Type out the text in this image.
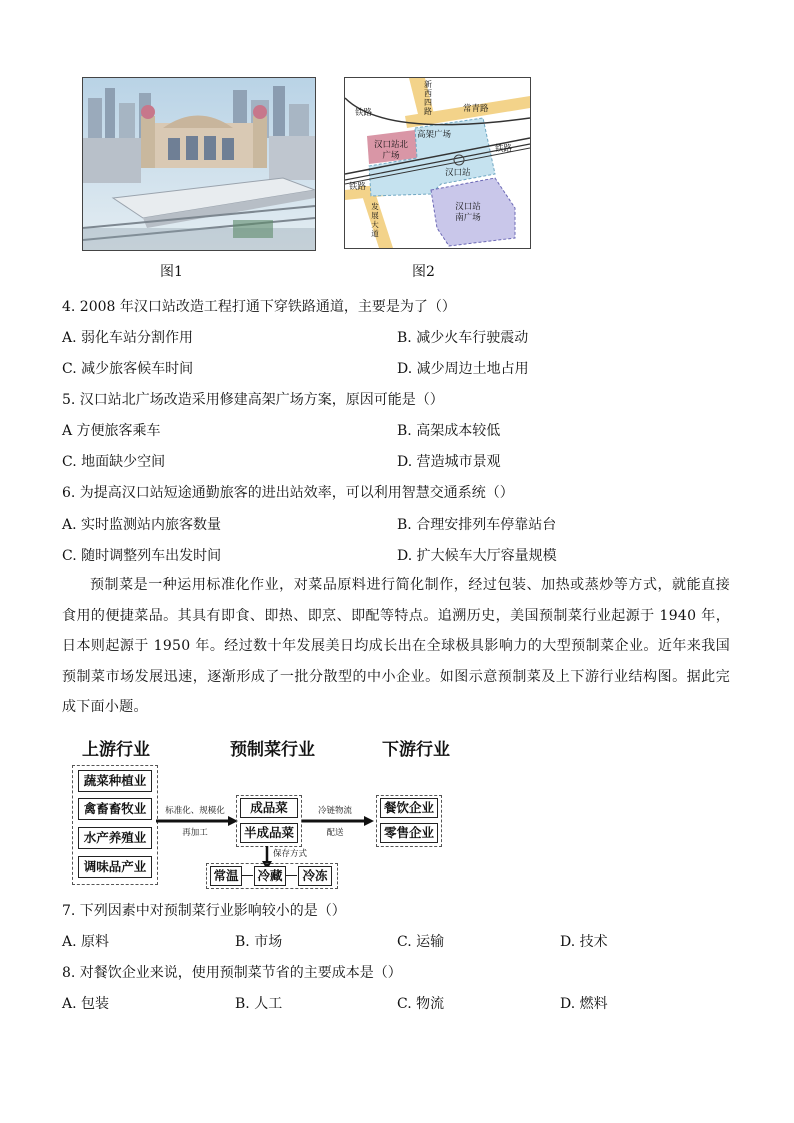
图1
新西四路	常青路
铁路
铁路
铁路
高架广场
汉口站北广场
汉口站
汉口站南广场
发展大道
图2
4. 2008 年汉口站改造工程打通下穿铁路通道，主要是为了（）
A. 弱化车站分割作用	B. 减少火车行驶震动
C. 减少旅客候车时间	D. 减少周边土地占用
5. 汉口站北广场改造采用修建高架广场方案，原因可能是（）
A 方便旅客乘车	B. 高架成本较低
C. 地面缺少空间	D. 营造城市景观
6. 为提高汉口站短途通勤旅客的进出站效率，可以利用智慧交通系统（）
A. 实时监测站内旅客数量	B. 合理安排列车停靠站台
C. 随时调整列车出发时间	D. 扩大候车大厅容量规模
预制菜是一种运用标准化作业，对菜品原料进行简化制作，经过包装、加热或蒸炒等方式，就能直接食用的便捷菜品。其具有即食、即热、即烹、即配等特点。追溯历史，美国预制菜行业起源于 1940 年，日本则起源于 1950 年。经过数十年发展美日均成长出在全球极具影响力的大型预制菜企业。近年来我国预制菜市场发展迅速，逐渐形成了一批分散型的中小企业。如图示意预制菜及上下游行业结构图。据此完成下面小题。
上游行业	预制菜行业	下游行业
蔬菜种植业
禽畜畜牧业
水产养殖业
调味品产业
标准化、规模化
再加工
成品菜
半成品菜
冷链物流
配送
餐饮企业
零售企业
保存方式
常温 冷藏	冷冻
7. 下列因素中对预制菜行业影响较小的是（）
A. 原料	B. 市场	C. 运输	D. 技术
8. 对餐饮企业来说，使用预制菜节省的主要成本是（）
A. 包装	B. 人工	C. 物流	D. 燃料
